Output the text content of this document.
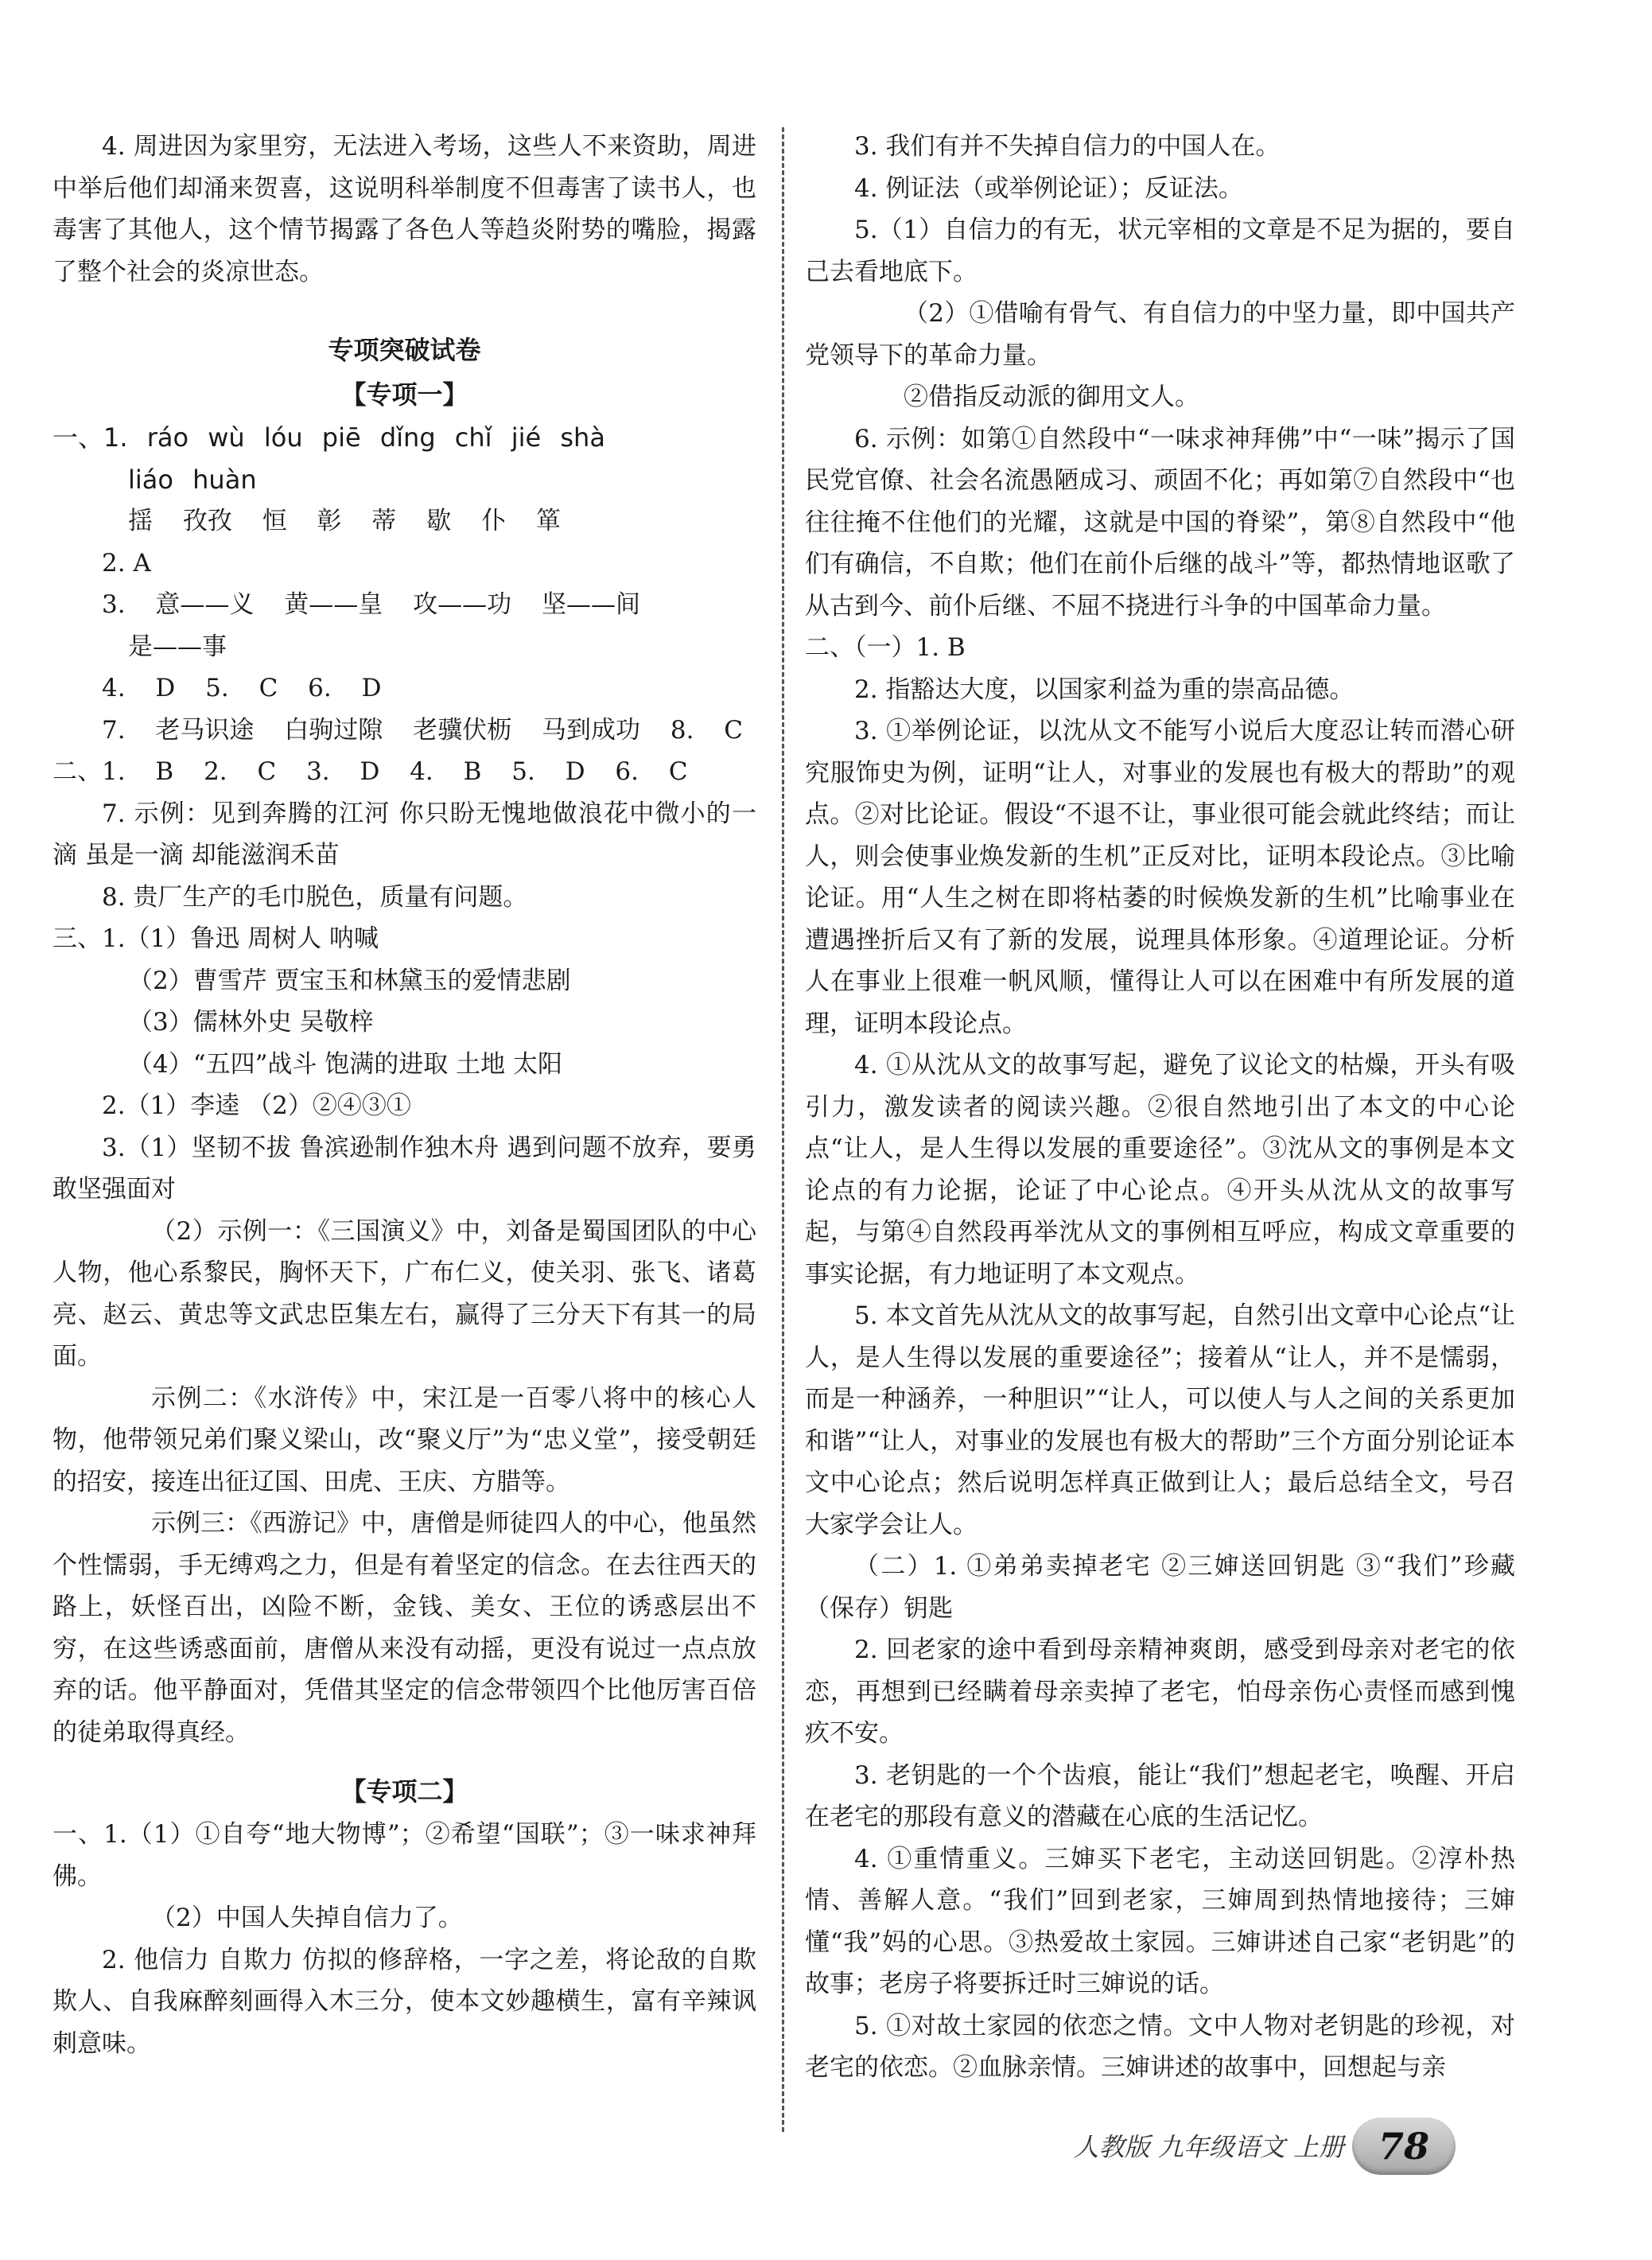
4. 周进因为家里穷，无法进入考场，这些人不来资助，周进中举后他们却涌来贺喜，这说明科举制度不但毒害了读书人，也毒害了其他人，这个情节揭露了各色人等趋炎附势的嘴脸，揭露了整个社会的炎凉世态。

专项突破试卷

【专项一】

一、1. ráo wù lóu piē dǐng chǐ jié shà

liáo huàn

揺 孜孜 恒 彰 蒂 歇 仆 箪

2. A

3. 意——义 黄——皇 攻——功 坚——间

是——事

4. D 5. C 6. D

7. 老马识途 白驹过隙 老骥伏枥 马到成功 8. C

二、1. B 2. C 3. D 4. B 5. D 6. C

7. 示例：见到奔腾的江河 你只盼无愧地做浪花中微小的一滴 虽是一滴 却能滋润禾苗

8. 贵厂生产的毛巾脱色，质量有问题。

三、1.（1）鲁迅 周树人 呐喊

（2）曹雪芹 贾宝玉和林黛玉的爱情悲剧

（3）儒林外史 吴敬梓

（4）“五四”战斗 饱满的进取 土地 太阳

2.（1）李逵 （2）②④③①

3.（1）坚韧不拔 鲁滨逊制作独木舟 遇到问题不放弃，要勇敢坚强面对

（2）示例一：《三国演义》中，刘备是蜀国团队的中心人物，他心系黎民，胸怀天下，广布仁义，使关羽、张飞、诸葛亮、赵云、黄忠等文武忠臣集左右，赢得了三分天下有其一的局面。

示例二：《水浒传》中，宋江是一百零八将中的核心人物，他带领兄弟们聚义梁山，改“聚义厅”为“忠义堂”，接受朝廷的招安，接连出征辽国、田虎、王庆、方腊等。

示例三：《西游记》中，唐僧是师徒四人的中心，他虽然个性懦弱，手无缚鸡之力，但是有着坚定的信念。在去往西天的路上，妖怪百出，凶险不断，金钱、美女、王位的诱惑层出不穷，在这些诱惑面前，唐僧从来没有动摇，更没有说过一点点放弃的话。他平静面对，凭借其坚定的信念带领四个比他厉害百倍的徒弟取得真经。

【专项二】

一、1.（1）①自夸“地大物博”；②希望“国联”；③一味求神拜佛。

（2）中国人失掉自信力了。

2. 他信力 自欺力 仿拟的修辞格，一字之差，将论敌的自欺欺人、自我麻醉刻画得入木三分，使本文妙趣横生，富有辛辣讽刺意味。

3. 我们有并不失掉自信力的中国人在。

4. 例证法（或举例论证）；反证法。

5.（1）自信力的有无，状元宰相的文章是不足为据的，要自己去看地底下。

（2）①借喻有骨气、有自信力的中坚力量，即中国共产党领导下的革命力量。

②借指反动派的御用文人。

6. 示例：如第①自然段中“一味求神拜佛”中“一味”揭示了国民党官僚、社会名流愚陋成习、顽固不化；再如第⑦自然段中“也往往掩不住他们的光耀，这就是中国的脊梁”，第⑧自然段中“他们有确信，不自欺；他们在前仆后继的战斗”等，都热情地讴歌了从古到今、前仆后继、不屈不挠进行斗争的中国革命力量。

二、（一）1. B

2. 指豁达大度，以国家利益为重的崇高品德。

3. ①举例论证，以沈从文不能写小说后大度忍让转而潜心研究服饰史为例，证明“让人，对事业的发展也有极大的帮助”的观点。②对比论证。假设“不退不让，事业很可能会就此终结；而让人，则会使事业焕发新的生机”正反对比，证明本段论点。③比喻论证。用“人生之树在即将枯萎的时候焕发新的生机”比喻事业在遭遇挫折后又有了新的发展，说理具体形象。④道理论证。分析人在事业上很难一帆风顺，懂得让人可以在困难中有所发展的道理，证明本段论点。

4. ①从沈从文的故事写起，避免了议论文的枯燥，开头有吸引力，激发读者的阅读兴趣。②很自然地引出了本文的中心论点“让人，是人生得以发展的重要途径”。③沈从文的事例是本文论点的有力论据，论证了中心论点。④开头从沈从文的故事写起，与第④自然段再举沈从文的事例相互呼应，构成文章重要的事实论据，有力地证明了本文观点。

5. 本文首先从沈从文的故事写起，自然引出文章中心论点“让人，是人生得以发展的重要途径”；接着从“让人，并不是懦弱，而是一种涵养，一种胆识”“让人，可以使人与人之间的关系更加和谐”“让人，对事业的发展也有极大的帮助”三个方面分别论证本文中心论点；然后说明怎样真正做到让人；最后总结全文，号召大家学会让人。

（二）1. ①弟弟卖掉老宅 ②三婶送回钥匙 ③“我们”珍藏（保存）钥匙

2. 回老家的途中看到母亲精神爽朗，感受到母亲对老宅的依恋，再想到已经瞒着母亲卖掉了老宅，怕母亲伤心责怪而感到愧疚不安。

3. 老钥匙的一个个齿痕，能让“我们”想起老宅，唤醒、开启在老宅的那段有意义的潜藏在心底的生活记忆。

4. ①重情重义。三婶买下老宅，主动送回钥匙。②淳朴热情、善解人意。“我们”回到老家，三婶周到热情地接待；三婶懂“我”妈的心思。③热爱故土家园。三婶讲述自己家“老钥匙”的故事；老房子将要拆迁时三婶说的话。

5. ①对故土家园的依恋之情。文中人物对老钥匙的珍视，对老宅的依恋。②血脉亲情。三婶讲述的故事中，回想起与亲

人教版 九年级语文 上册 78
